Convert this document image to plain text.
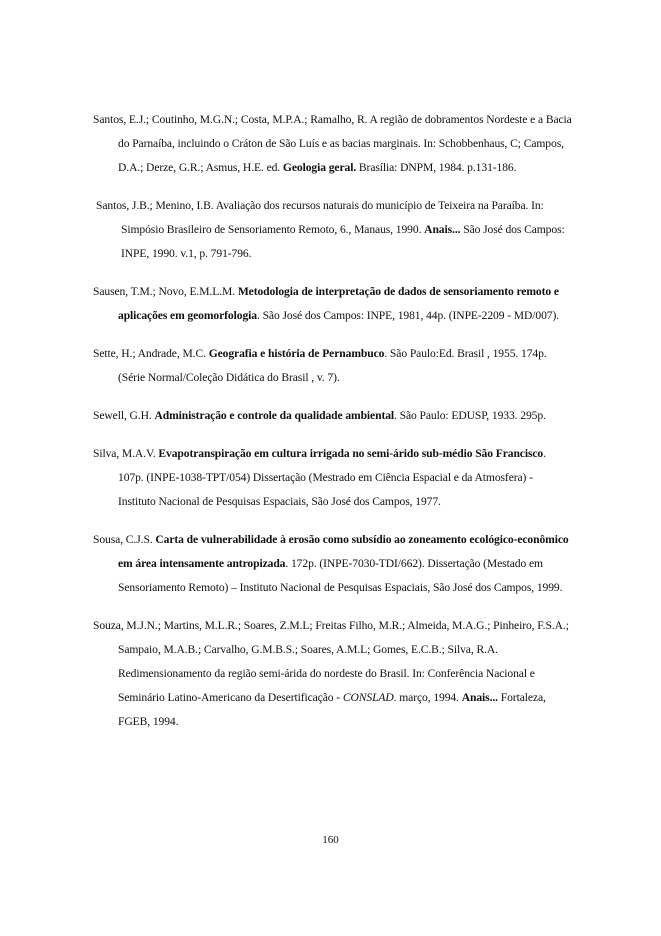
Santos, E.J.; Coutinho, M.G.N.; Costa, M.P.A.; Ramalho, R. A região de dobramentos Nordeste e a Bacia do Parnaíba, incluindo o Cráton de São Luís e as bacias marginais. In: Schobbenhaus, C; Campos, D.A.; Derze, G.R.; Asmus, H.E. ed. Geologia geral. Brasília: DNPM, 1984. p.131-186.

Santos, J.B.; Menino, I.B. Avaliação dos recursos naturais do município de Teixeira na Paraíba. In: Simpósio Brasileiro de Sensoriamento Remoto, 6., Manaus, 1990. Anais... São José dos Campos: INPE, 1990. v.1, p. 791-796.

Sausen, T.M.; Novo, E.M.L.M. Metodologia de interpretação de dados de sensoriamento remoto e aplicações em geomorfologia. São José dos Campos: INPE, 1981, 44p. (INPE-2209 - MD/007).

Sette, H.; Andrade, M.C. Geografia e história de Pernambuco. São Paulo:Ed. Brasil , 1955. 174p. (Série Normal/Coleção Didática do Brasil , v. 7).

Sewell, G.H. Administração e controle da qualidade ambiental. São Paulo: EDUSP, 1933. 295p.

Silva, M.A.V. Evapotranspiração em cultura irrigada no semi-árido sub-médio São Francisco. 107p. (INPE-1038-TPT/054) Dissertação (Mestrado em Ciência Espacial e da Atmosfera) - Instituto Nacional de Pesquisas Espaciais, São José dos Campos, 1977.

Sousa, C.J.S. Carta de vulnerabilidade à erosão como subsídio ao zoneamento ecológico-econômico em área intensamente antropizada. 172p. (INPE-7030-TDI/662). Dissertação (Mestado em Sensoriamento Remoto) – Instituto Nacional de Pesquisas Espaciais, São José dos Campos, 1999.

Souza, M.J.N.; Martins, M.L.R.; Soares, Z.M.L; Freitas Filho, M.R.; Almeida, M.A.G.; Pinheiro, F.S.A.; Sampaio, M.A.B.; Carvalho, G.M.B.S.; Soares, A.M.L; Gomes, E.C.B.; Silva, R.A. Redimensionamento da região semi-árida do nordeste do Brasil. In: Conferência Nacional e Seminário Latino-Americano da Desertificação - CONSLAD. março, 1994. Anais... Fortaleza, FGEB, 1994.

160
